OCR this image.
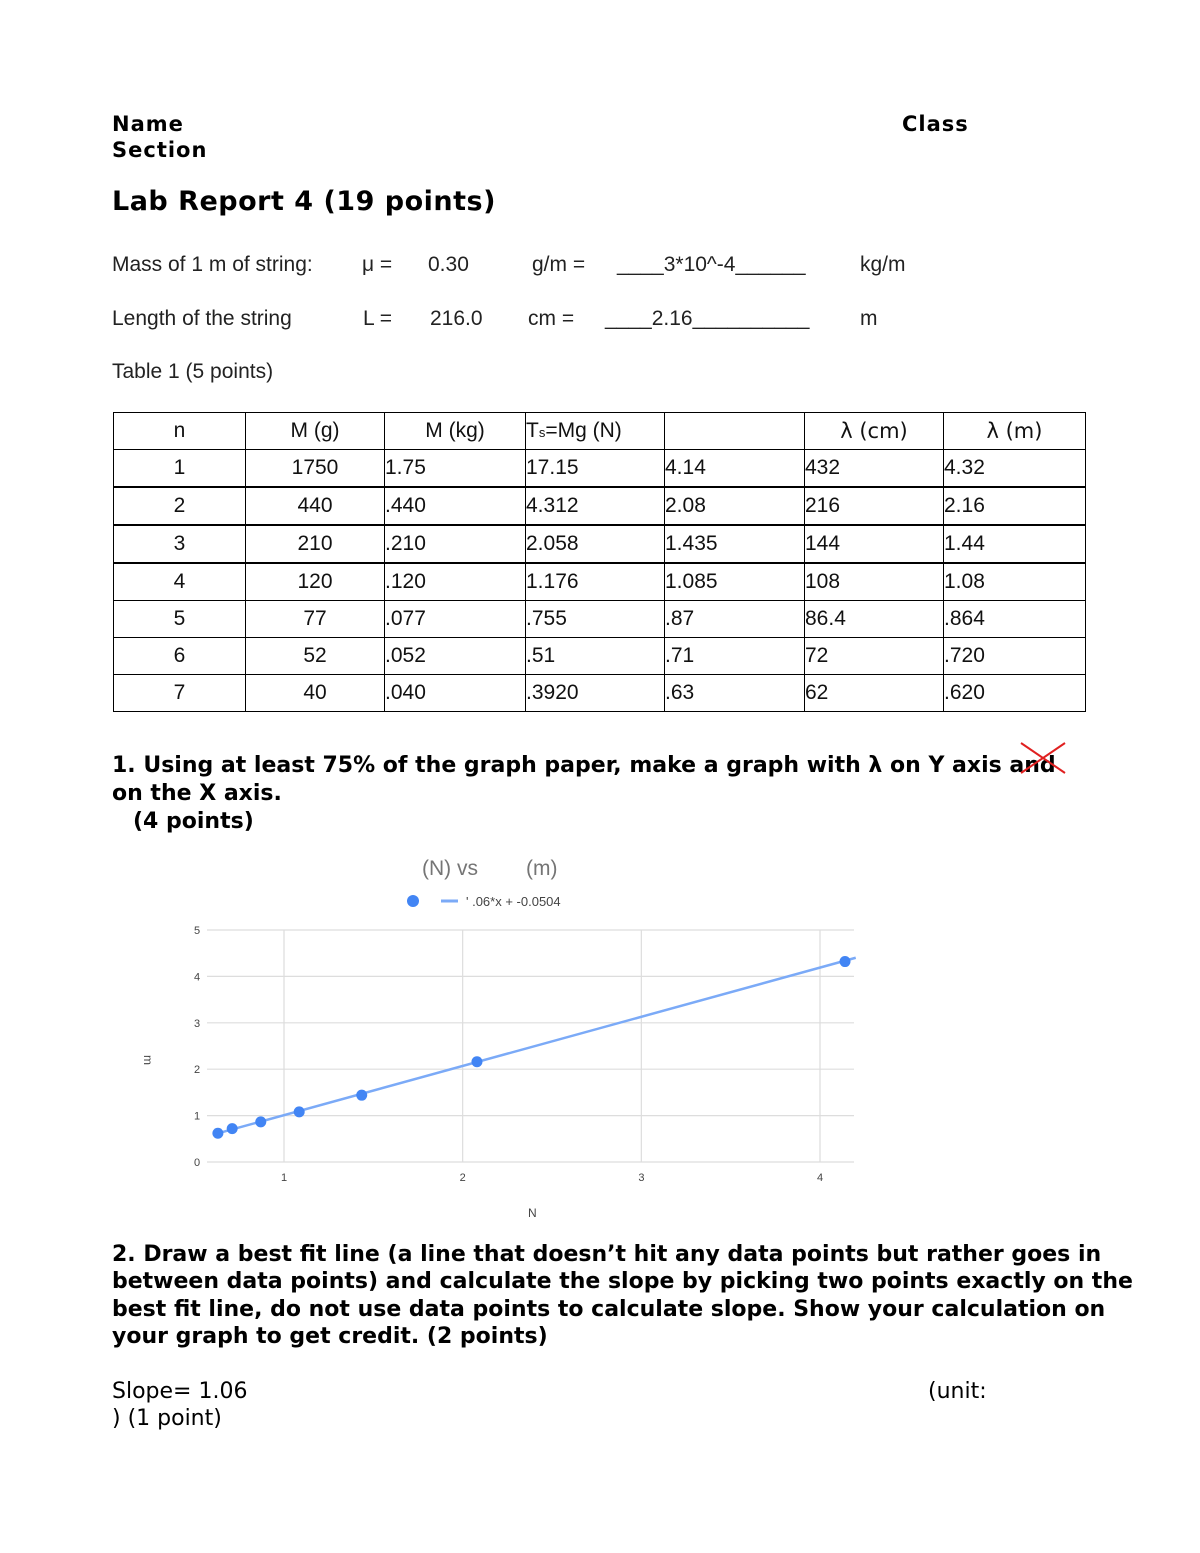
Name	Class
Section
Lab Report 4 (19 points)
Mass of 1 m of string: μ = 0.30	g/m = ____3*10^-4______	kg/m
Length of the string	L = 216.0 cm = ____2.16__________ m
Table 1 (5 points)
n	M (g)	M (kg)	Ts=Mg (N)		λ (cm)	λ (m)
1	1750	1.75	17.15	4.14	432	4.32
2	440	.440	4.312	2.08	216	2.16
3	210	.210	2.058	1.435	144	1.44
4	120	.120	1.176	1.085	108	1.08
5	77	.077	.755	.87	86.4	.864
6	52	.052	.51	.71	72	.720
7	40	.040	.3920	.63	62	.620
1. Using at least 75% of the graph paper, make a graph with λ on Y axis and
on the X axis.
(4 points)
(N) vs (m)
' .06*x + -0.0504
0
1
2
3
4
5
1	2	3	4
m
N
2. Draw a best fit line (a line that doesn’t hit any data points but rather goes in
between data points) and calculate the slope by picking two points exactly on the
best fit line, do not use data points to calculate slope. Show your calculation on
your graph to get credit. (2 points)
Slope= 1.06	(unit:
) (1 point)
